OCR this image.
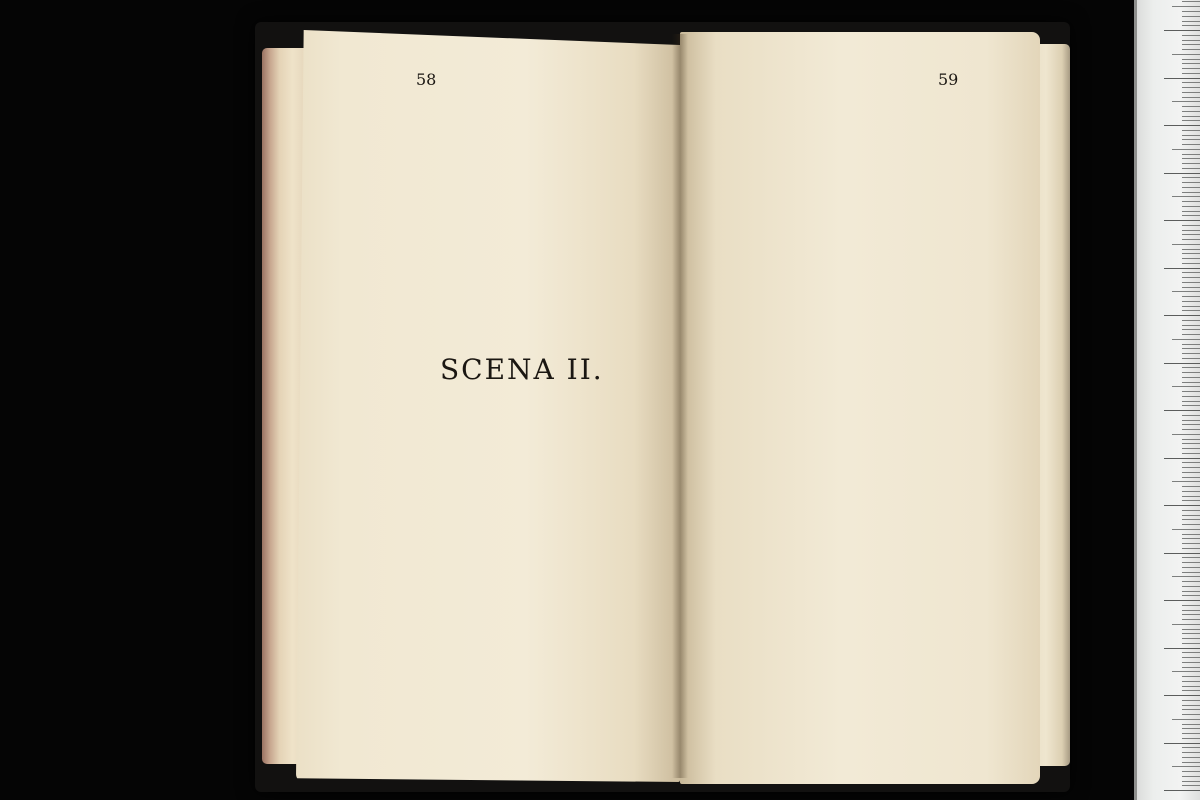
58
SCENA II.
59
